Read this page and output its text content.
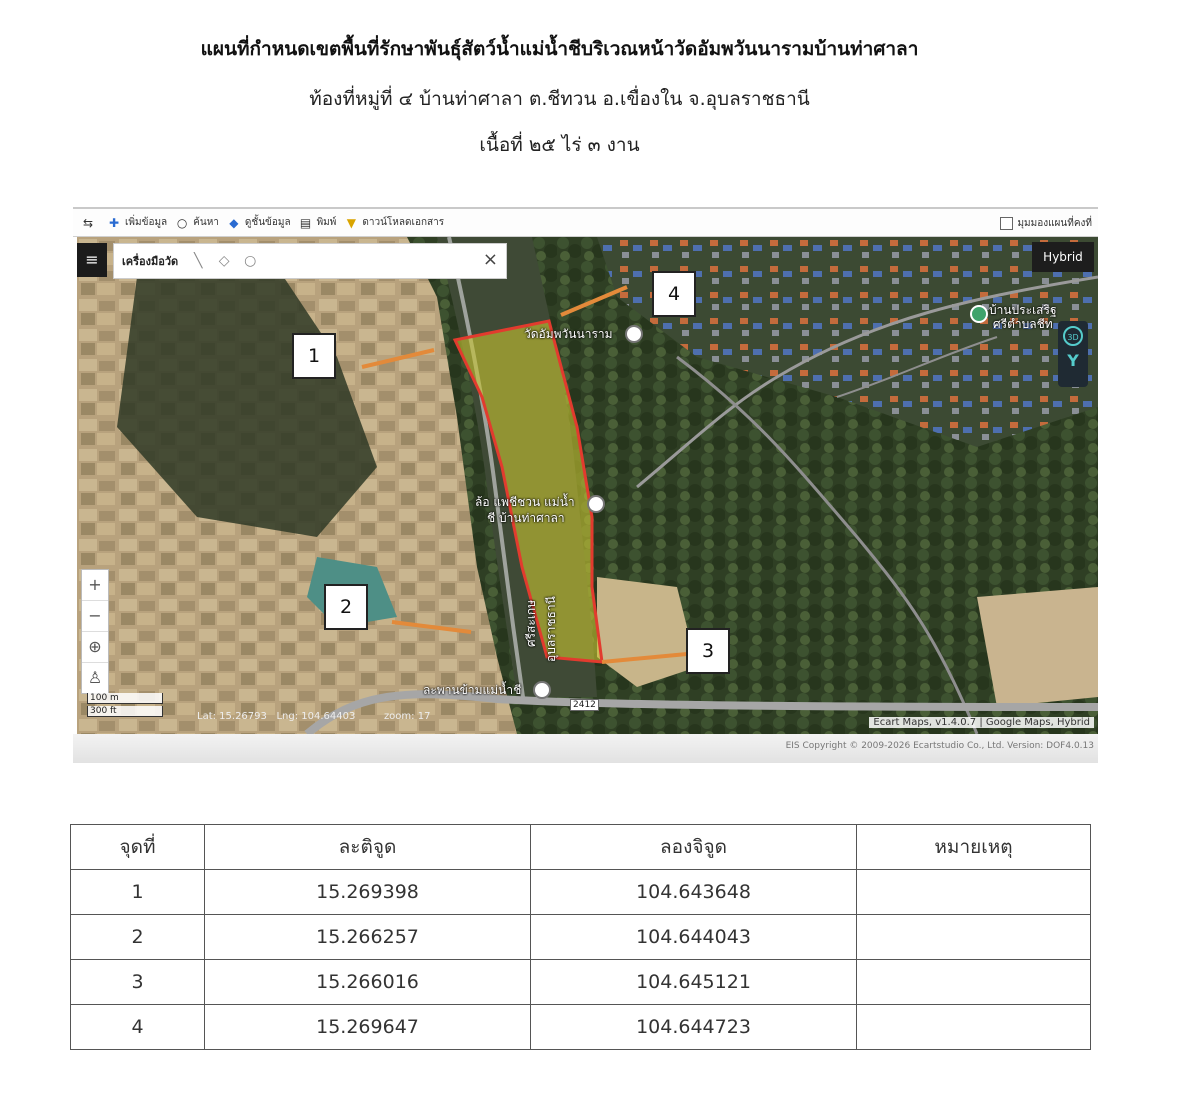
แผนที่กำหนดเขตพื้นที่รักษาพันธุ์สัตว์น้ำแม่น้ำชีบริเวณหน้าวัดอัมพวันนารามบ้านท่าศาลา
ท้องที่หมู่ที่ ๔ บ้านท่าศาลา ต.ชีทวน อ.เขื่องใน จ.อุบลราชธานี
เนื้อที่ ๒๕ ไร่ ๓ งาน
⇆ ✚ เพิ่มข้อมูล ○ ค้นหา ◆ ดูชั้นข้อมูล ▤ พิมพ์ ▼ ดาวน์โหลดเอกสาร	มุมมองแผนที่คงที่
≡	เครื่องมือวัด	╲	◇	○	×	Hybrid
3D
Y
+
−
⊕
♙
100 m
300 ft	Lat: 15.26793 Lng: 104.64403	zoom: 17
Ecart Maps, v1.4.0.7 | Google Maps, Hybrid
วัดอัมพวันนาราม
ล้อ แพชีชวน แม่น้ำ
ชี บ้านท่าศาลา
ศรีสะเกษ อุบลราชธานี
ละพานข้ามแม่น้ำชี
2412
บ้านประเสริฐ
ศรีตำบลชีท
1
2
3
4
EIS Copyright © 2009-2026 Ecartstudio Co., Ltd. Version: DOF4.0.13
จุดที่	ละติจูด	ลองจิจูด	หมายเหตุ
1	15.269398	104.643648	
2	15.266257	104.644043	
3	15.266016	104.645121	
4	15.269647	104.644723	
